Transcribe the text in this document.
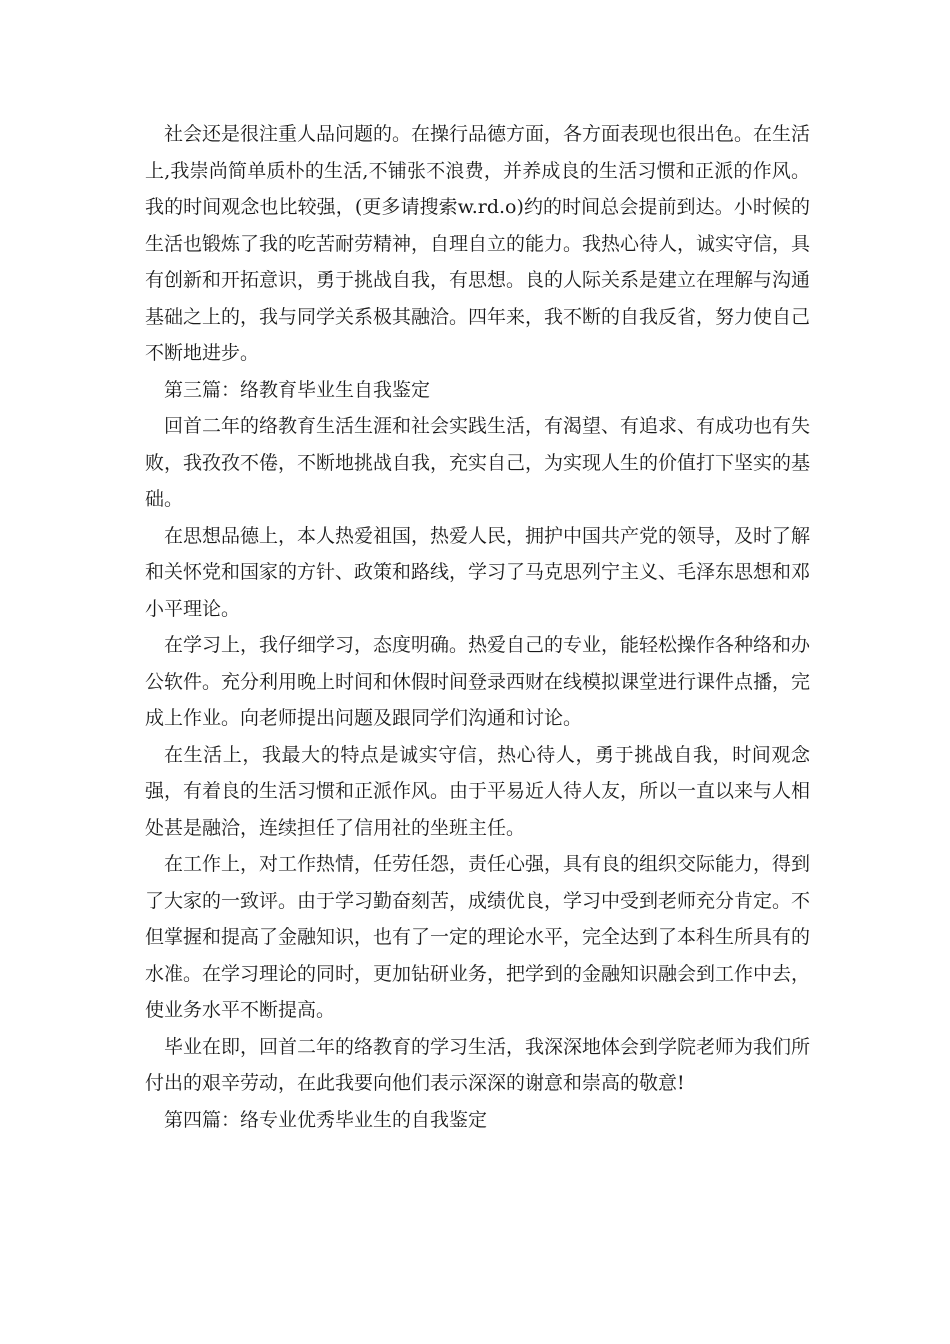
社会还是很注重人品问题的。在操行品德方面，各方面表现也很出色。在生活上,我崇尚简单质朴的生活,不铺张不浪费，并养成良的生活习惯和正派的作风。我的时间观念也比较强，(更多请搜索w.rd.o)约的时间总会提前到达。小时候的生活也锻炼了我的吃苦耐劳精神，自理自立的能力。我热心待人，诚实守信，具有创新和开拓意识，勇于挑战自我，有思想。良的人际关系是建立在理解与沟通基础之上的，我与同学关系极其融洽。四年来，我不断的自我反省，努力使自己不断地进步。

第三篇：络教育毕业生自我鉴定

回首二年的络教育生活生涯和社会实践生活，有渴望、有追求、有成功也有失败，我孜孜不倦，不断地挑战自我，充实自己，为实现人生的价值打下坚实的基础。

在思想品德上，本人热爱祖国，热爱人民，拥护中国共产党的领导，及时了解和关怀党和国家的方针、政策和路线，学习了马克思列宁主义、毛泽东思想和邓小平理论。

在学习上，我仔细学习，态度明确。热爱自己的专业，能轻松操作各种络和办公软件。充分利用晚上时间和休假时间登录西财在线模拟课堂进行课件点播，完成上作业。向老师提出问题及跟同学们沟通和讨论。

在生活上，我最大的特点是诚实守信，热心待人，勇于挑战自我，时间观念强，有着良的生活习惯和正派作风。由于平易近人待人友，所以一直以来与人相处甚是融洽，连续担任了信用社的坐班主任。

在工作上，对工作热情，任劳任怨，责任心强，具有良的组织交际能力，得到了大家的一致评。由于学习勤奋刻苦，成绩优良，学习中受到老师充分肯定。不但掌握和提高了金融知识，也有了一定的理论水平，完全达到了本科生所具有的水准。在学习理论的同时，更加钻研业务，把学到的金融知识融会到工作中去，使业务水平不断提高。

毕业在即，回首二年的络教育的学习生活，我深深地体会到学院老师为我们所付出的艰辛劳动，在此我要向他们表示深深的谢意和崇高的敬意!

第四篇：络专业优秀毕业生的自我鉴定
